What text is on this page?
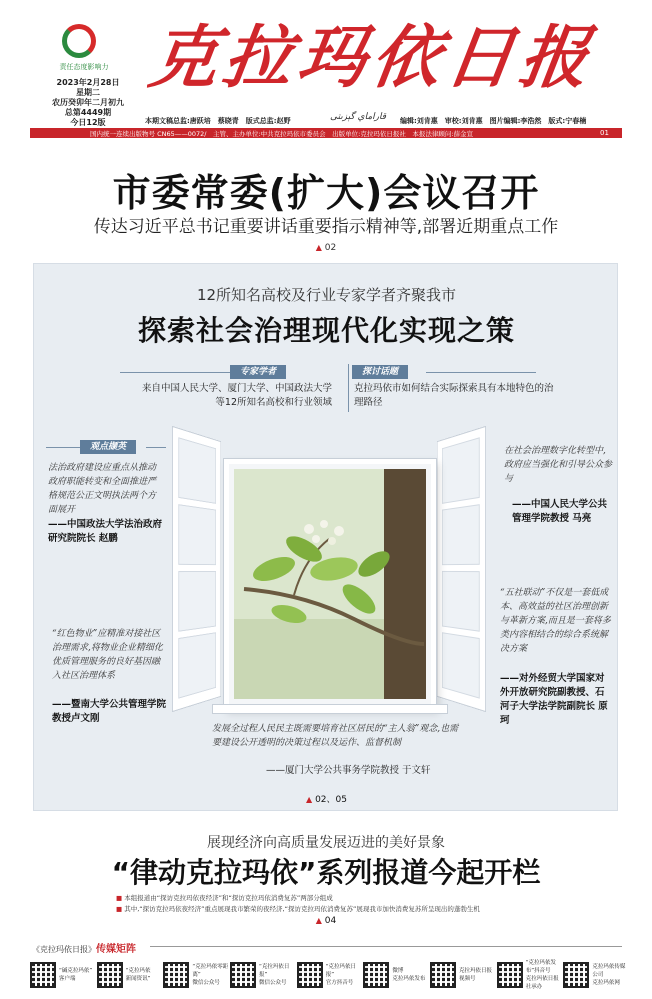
责任态度影响力
2023年2月28日
星期二
农历癸卯年二月初九
总第4449期
今日12版
克拉玛依日报
本期文稿总监:唐跃培　蔡晓青　版式总监:赵野	قاراماي گېزىتى 编辑:刘肯惠　审校:刘肯惠　图片编辑:李浩然　版式:宁春楠
国内统一连续出版物号 CN65——0072/　主管、主办单位:中共克拉玛依市委员会　出版单位:克拉玛依日报社　本报法律顾问:薛金宣	01
市委常委(扩大)会议召开
传达习近平总书记重要讲话重要指示精神等,部署近期重点工作
▲ 02
12所知名高校及行业专家学者齐聚我市
探索社会治理现代化实现之策
专家学者	探讨话题
来自中国人民大学、厦门大学、中国政法大学等12所知名高校和行业领域
克拉玛依市如何结合实际探索具有本地特色的治理路径
观点撷英
法治政府建设应重点从推动政府职能转变和全面推进严格规范公正文明执法两个方面展开
——中国政法大学法治政府研究院院长 赵鹏
“红色物业”应精准对接社区治理需求,将物业企业精细化优质管理服务的良好基因融入社区治理体系
——暨南大学公共管理学院教授卢文刚
在社会治理数字化转型中,政府应当强化和引导公众参与
——中国人民大学公共管理学院教授 马亮
“五社联动”不仅是一套低成本、高效益的社区治理创新与革新方案,而且是一套将多类内容相结合的综合系统解决方案
——对外经贸大学国家对外开放研究院副教授、石河子大学法学院副院长 原珂
发展全过程人民民主既需要培育社区居民的“主人翁”观念,也需要建设公开透明的决策过程以及运作、监督机制
——厦门大学公共事务学院教授 于文轩
▲ 02、05
展现经济向高质量发展迈进的美好景象
“律动克拉玛依”系列报道今起开栏
■ 本组报道由“探访克拉玛依夜经济”和“探访克拉玛依消费复苏”两部分组成
■ 其中,“探访克拉玛依夜经济”重点展现我市繁荣的夜经济,“探访克拉玛依消费复苏”展现我市加快消费复苏所呈现出的蓬勃生机
▲ 04
《克拉玛依日报》传媒矩阵
“碱克拉玛依”
客户端
“克拉玛依
新闻资讯”
“克拉玛依零距离”
微信公众号
“克拉玛依日报”
微信公众号
“克拉玛依日报”
官方抖音号
微博
克拉玛依发布
克拉玛依日报
视频号
“克拉玛依发布”抖音号
克拉玛依日报社承办
克拉玛依传媒公司
克拉玛依网
